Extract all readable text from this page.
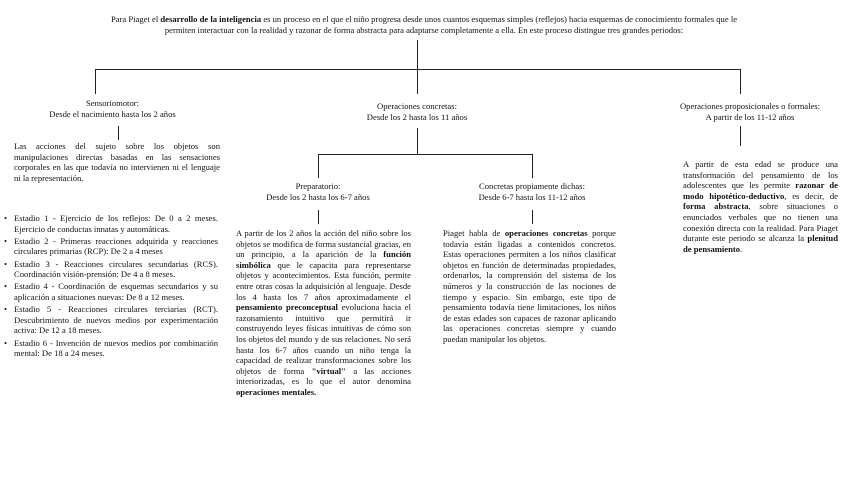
Para Piaget el desarrollo de la inteligencia es un proceso en el que el niño progresa desde unos cuantos esquemas simples (reflejos) hacia esquemas de conocimiento formales que le
permiten interactuar con la realidad y razonar de forma abstracta para adaptarse completamente a ella. En este proceso distingue tres grandes periodos:
Sensoriomotor:
Desde el nacimiento hasta los 2 años
Las acciones del sujeto sobre los objetos son manipulaciones directas basadas en las sensaciones corporales en las que todavía no intervienen ni el lenguaje ni la representación.
• Estadio 1 - Ejercicio de los reflejos: De 0 a 2 meses. Ejercicio de conductas innatas y automáticas.
• Estadio 2 - Primeras reacciones adquirida y reacciones circulares primarias (RCP): De 2 a 4 meses
• Estadio 3 - Reacciones circulares secundarias (RCS). Coordinación visión-prensión: De 4 a 8 meses.
• Estadio 4 - Coordinación de esquemas secundarios y su aplicación a situaciones nuevas: De 8 a 12 meses.
• Estadio 5 - Reacciones circulares terciarias (RCT). Descubrimiento de nuevos medios por experimentación activa: De 12 a 18 meses.
• Estadio 6 - Invención de nuevos medios por combinación mental: De 18 a 24 meses.
Operaciones concretas:
Desde los 2 hasta los 11 años
Preparatorio:
Desde los 2 hasta los 6-7 años
A partir de los 2 años la acción del niño sobre los objetos se modifica de forma sustancial gracias, en un principio, a la aparición de la función simbólica que le capacita para representarse objetos y acontecimientos. Esta función, permite entre otras cosas la adquisición al lenguaje. Desde los 4 hasta los 7 años aproximadamente el pensamiento preconceptual evoluciona hacia el razonamiento intuitivo que permitirá ir construyendo leyes físicas intuitivas de cómo son los objetos del mundo y de sus relaciones. No será hasta los 6-7 años cuando un niño tenga la capacidad de realizar transformaciones sobre los objetos de forma "virtual" a las acciones interiorizadas, es lo que el autor denomina operaciones mentales.
Concretas propiamente dichas:
Desde 6-7 hasta los 11-12 años
Piaget habla de operaciones concretas porque todavía están ligadas a contenidos concretos. Estas operaciones permiten a los niños clasificar objetos en función de determinadas propiedades, ordenarlos, la comprensión del sistema de los números y la construcción de las nociones de tiempo y espacio. Sin embargo, este tipo de pensamiento todavía tiene limitaciones, los niños de estas edades son capaces de razonar aplicando las operaciones concretas siempre y cuando puedan manipular los objetos.
Operaciones proposicionales o formales:
A partir de los 11-12 años
A partir de esta edad se produce una transformación del pensamiento de los adolescentes que les permite razonar de modo hipotético-deductivo, es decir, de forma abstracta, sobre situaciones o enunciados verbales que no tienen una conexión directa con la realidad. Para Piaget durante este periodo se alcanza la plenitud de pensamiento.
